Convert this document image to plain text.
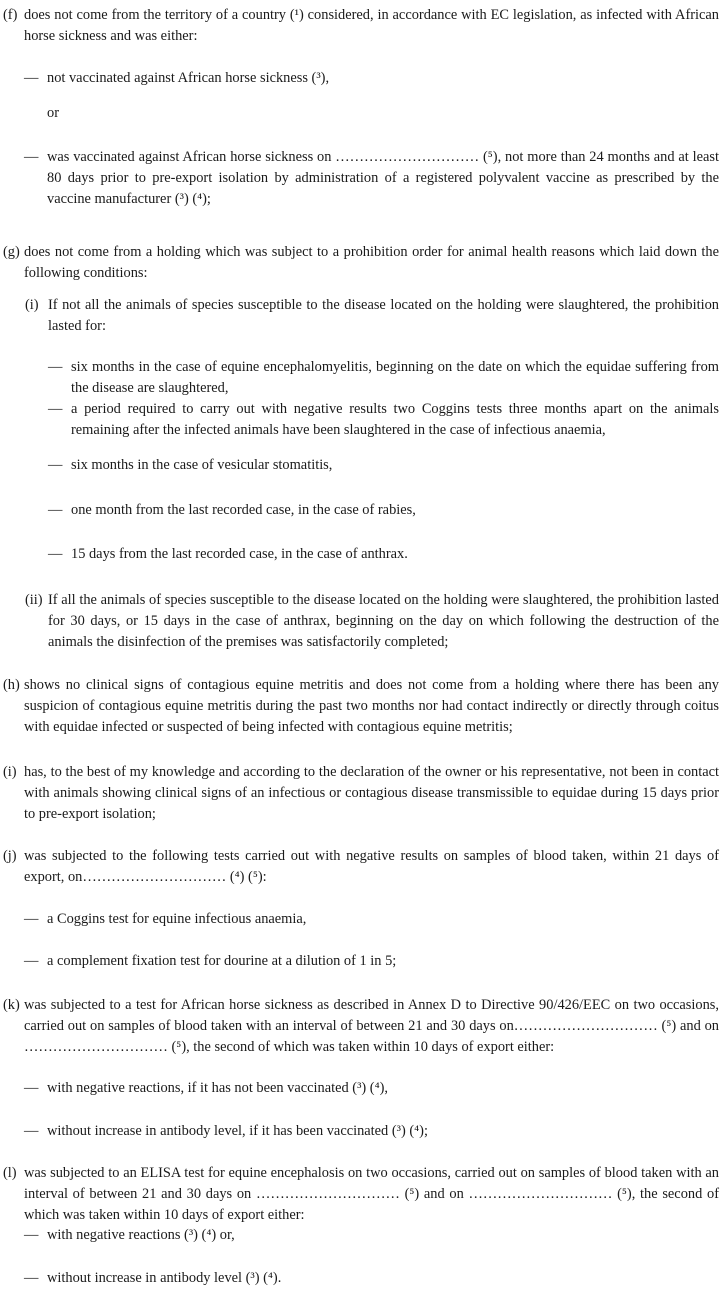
(f) does not come from the territory of a country (¹) considered, in accordance with EC legislation, as infected with African horse sickness and was either:
— not vaccinated against African horse sickness (³),
or
— was vaccinated against African horse sickness on ………………………… (⁵), not more than 24 months and at least 80 days prior to pre-export isolation by administration of a registered polyvalent vaccine as prescribed by the vaccine manufacturer (³) (⁴);
(g) does not come from a holding which was subject to a prohibition order for animal health reasons which laid down the following conditions:
(i) If not all the animals of species susceptible to the disease located on the holding were slaughtered, the prohibition lasted for:
— six months in the case of equine encephalomyelitis, beginning on the date on which the equidae suffering from the disease are slaughtered,
— a period required to carry out with negative results two Coggins tests three months apart on the animals remaining after the infected animals have been slaughtered in the case of infectious anaemia,
— six months in the case of vesicular stomatitis,
— one month from the last recorded case, in the case of rabies,
— 15 days from the last recorded case, in the case of anthrax.
(ii) If all the animals of species susceptible to the disease located on the holding were slaughtered, the prohibition lasted for 30 days, or 15 days in the case of anthrax, beginning on the day on which following the destruction of the animals the disinfection of the premises was satisfactorily completed;
(h) shows no clinical signs of contagious equine metritis and does not come from a holding where there has been any suspicion of contagious equine metritis during the past two months nor had contact indirectly or directly through coitus with equidae infected or suspected of being infected with contagious equine metritis;
(i) has, to the best of my knowledge and according to the declaration of the owner or his representative, not been in contact with animals showing clinical signs of an infectious or contagious disease transmissible to equidae during 15 days prior to pre-export isolation;
(j) was subjected to the following tests carried out with negative results on samples of blood taken, within 21 days of export, on………………………… (⁴) (⁵):
— a Coggins test for equine infectious anaemia,
— a complement fixation test for dourine at a dilution of 1 in 5;
(k) was subjected to a test for African horse sickness as described in Annex D to Directive 90/426/EEC on two occasions, carried out on samples of blood taken with an interval of between 21 and 30 days on………………………… (⁵) and on ………………………… (⁵), the second of which was taken within 10 days of export either:
— with negative reactions, if it has not been vaccinated (³) (⁴),
— without increase in antibody level, if it has been vaccinated (³) (⁴);
(l) was subjected to an ELISA test for equine encephalosis on two occasions, carried out on samples of blood taken with an interval of between 21 and 30 days on ………………………… (⁵) and on ………………………… (⁵), the second of which was taken within 10 days of export either:
— with negative reactions (³) (⁴) or,
— without increase in antibody level (³) (⁴).
